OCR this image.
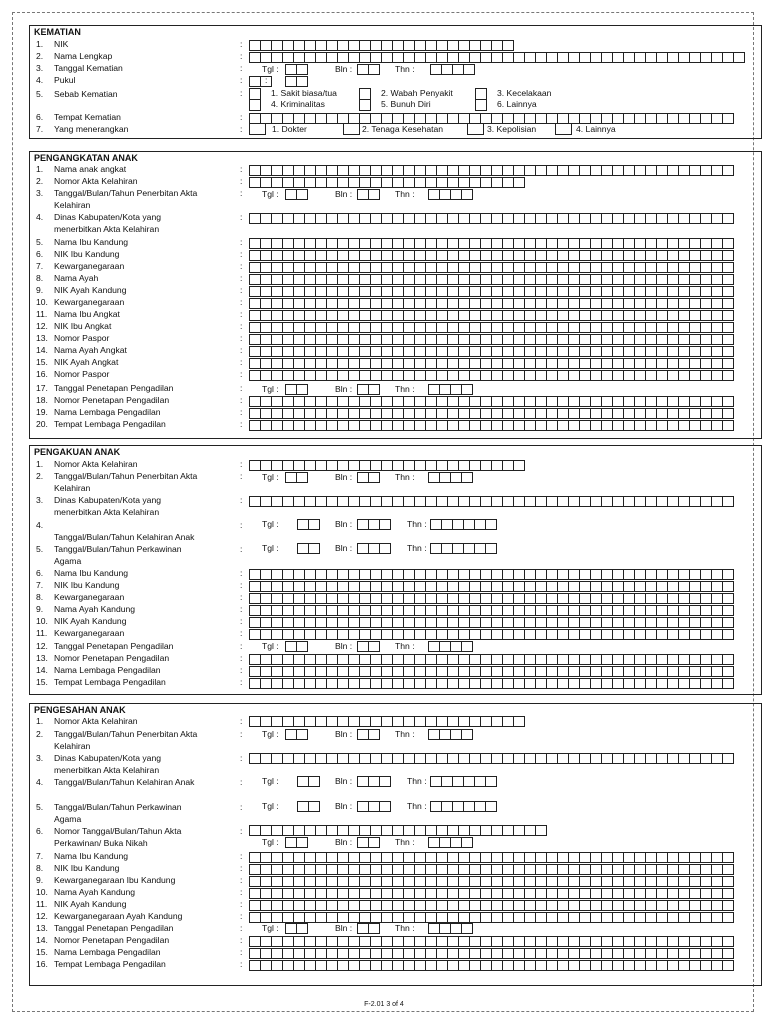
KEMATIAN
1. NIK	:
2. Nama Lengkap	:
3. Tanggal Kematian	: Tgl :	Bln :	Thn :
4. Pukul	:	:
5. Sebab Kematian	:	1. Sakit biasa/tua	2. Wabah Penyakit	3. Kecelakaan
4. Kriminalitas	5. Bunuh Diri	6. Lainnya
6. Tempat Kematian	:
7. Yang menerangkan	:	1. Dokter	2. Tenaga Kesehatan	3. Kepolisian	4. Lainnya
PENGANGKATAN ANAK
1. Nama anak angkat	:
2. Nomor Akta Kelahiran	:
3. Tanggal/Bulan/Tahun Penerbitan Akta
Kelahiran
: Tgl :	Bln :	Thn :
4. Dinas Kabupaten/Kota yang
menerbitkan Akta Kelahiran
:
5. Nama Ibu Kandung	:
6. NIK Ibu Kandung	:
7. Kewarganegaraan	:
8. Nama Ayah	:
9. NIK Ayah Kandung	:
10. Kewarganegaraan	:
11. Nama Ibu Angkat	:
12. NIK Ibu Angkat	:
13. Nomor Paspor	:
14. Nama Ayah Angkat	:
15. NIK Ayah Angkat	:
16. Nomor Paspor	:
17. Tanggal Penetapan Pengadilan	: Tgl :	Bln :	Thn :
18. Nomor Penetapan Pengadilan	:
19. Nama Lembaga Pengadilan	:
20. Tempat Lembaga Pengadilan	:
PENGAKUAN ANAK
1. Nomor Akta Kelahiran	:
2. Tanggal/Bulan/Tahun Penerbitan Akta
Kelahiran
: Tgl :	Bln :	Thn :
3. Dinas Kabupaten/Kota yang
menerbitkan Akta Kelahiran
:
4.
Tanggal/Bulan/Tahun Kelahiran Anak
: Tgl :	Bln :	Thn :
5. Tanggal/Bulan/Tahun Perkawinan
Agama
: Tgl :	Bln :	Thn :
6. Nama Ibu Kandung	:
7. NIK Ibu Kandung	:
8. Kewarganegaraan	:
9. Nama Ayah Kandung	:
10. NIK Ayah Kandung	:
11. Kewarganegaraan	:
12. Tanggal Penetapan Pengadilan	: Tgl :	Bln :	Thn :
13. Nomor Penetapan Pengadilan	:
14. Nama Lembaga Pengadilan	:
15. Tempat Lembaga Pengadilan	:
PENGESAHAN ANAK
1. Nomor Akta Kelahiran	:
2. Tanggal/Bulan/Tahun Penerbitan Akta
Kelahiran
: Tgl :	Bln :	Thn :
3. Dinas Kabupaten/Kota yang
menerbitkan Akta Kelahiran
:
4. Tanggal/Bulan/Tahun Kelahiran Anak	: Tgl :	Bln :	Thn :
5. Tanggal/Bulan/Tahun Perkawinan
Agama
: Tgl :	Bln :	Thn :
6. Nomor Tanggal/Bulan/Tahun Akta
Perkawinan/ Buka Nikah
:
Tgl :	Bln :	Thn :
7. Nama Ibu Kandung	:
8. NIK Ibu Kandung	:
9. Kewarganegaraan Ibu Kandung	:
10. Nama Ayah Kandung	:
11. NIK Ayah Kandung	:
12. Kewarganegaraan Ayah Kandung	:
13. Tanggal Penetapan Pengadilan	: Tgl :	Bln :	Thn :
14. Nomor Penetapan Pengadilan	:
15. Nama Lembaga Pengadilan	:
16. Tempat Lembaga Pengadilan	:
F-2.01 3 of 4
